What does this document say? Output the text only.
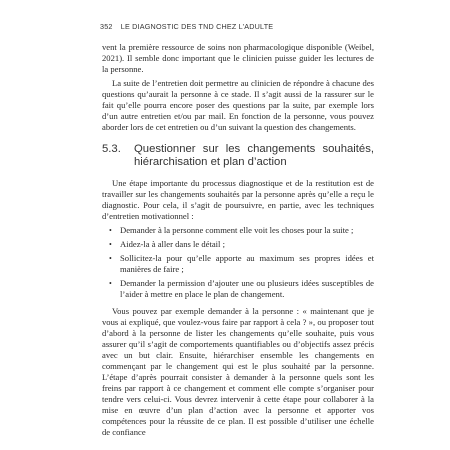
352 LE DIAGNOSTIC DES TND CHEZ L’ADULTE

vent la première ressource de soins non pharmacologique disponible (Weibel, 2021). Il semble donc important que le clinicien puisse guider les lectures de la personne.

La suite de l’entretien doit permettre au clinicien de répondre à chacune des questions qu’aurait la personne à ce stade. Il s’agit aussi de la rassurer sur le fait qu’elle pourra encore poser des questions par la suite, par exemple lors d’un autre entretien et/ou par mail. En fonction de la personne, vous pouvez aborder lors de cet entretien ou d’un suivant la question des changements.

5.3.	Questionner sur les changements souhaités, hiérarchisation et plan d’action

Une étape importante du processus diagnostique et de la restitution est de travailler sur les changements souhaités par la personne après qu’elle a reçu le diagnostic. Pour cela, il s’agit de poursuivre, en partie, avec les techniques d’entretien motivationnel :

• Demander à la personne comment elle voit les choses pour la suite ;
• Aidez-la à aller dans le détail ;
• Sollicitez-la pour qu’elle apporte au maximum ses propres idées et manières de faire ;
• Demander la permission d’ajouter une ou plusieurs idées susceptibles de l’aider à mettre en place le plan de changement.

Vous pouvez par exemple demander à la personne : « maintenant que je vous ai expliqué, que voulez-vous faire par rapport à cela ? », ou proposer tout d’abord à la personne de lister les changements qu’elle souhaite, puis vous assurer qu’il s’agit de comportements quantifiables ou d’objectifs assez précis avec un but clair. Ensuite, hiérarchiser ensemble les changements en commençant par le changement qui est le plus souhaité par la personne. L’étape d’après pourrait consister à demander à la personne quels sont les freins par rapport à ce changement et comment elle compte s’organiser pour tendre vers celui-ci. Vous devrez intervenir à cette étape pour collaborer à la mise en œuvre d’un plan d’action avec la personne et apporter vos compétences pour la réussite de ce plan. Il est possible d’utiliser une échelle de confiance
